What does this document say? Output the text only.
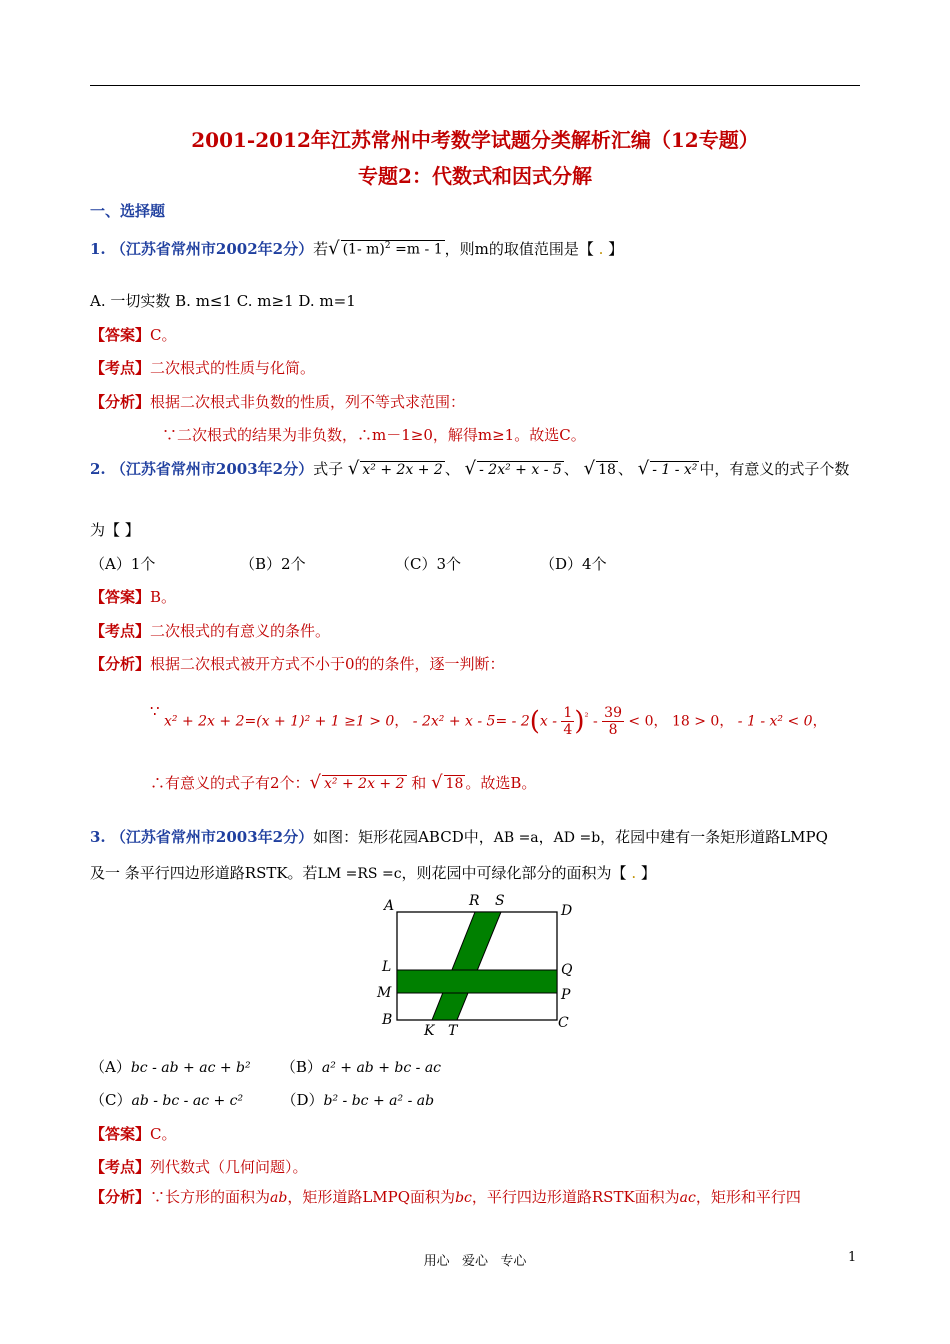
2001-2012年江苏常州中考数学试题分类解析汇编（12专题）
专题2：代数式和因式分解
一、选择题
1. （江苏省常州市2002年2分）若√ (1- m)$^2$ =m - 1 ，则m的取值范围是【 . 】
A. 一切实数 B. m≤1 C. m≥1 D. m=1
【答案】C。
【考点】二次根式的性质与化简。
【分析】根据二次根式非负数的性质，列不等式求范围：
∵二次根式的结果为非负数，∴m－1≥0，解得m≥1。故选C。
2. （江苏省常州市2003年2分）式子 √ x² + 2x + 2 、 √ - 2x² + x - 5 、 √ 18 、 √ - 1 - x² 中，有意义的式子个数
为【 】
（A）1个	（B）2个	（C）3个	（D）4个
【答案】B。
【考点】二次根式的有意义的条件。
【分析】根据二次根式被开方式不小于0的的条件，逐一判断：
∵ x² + 2x + 2=(x + 1)² + 1 ≥1 > 0， - $2x^2 + x - 5= - 2(x - \frac{1}{4} )^{^2} - \frac{39}{8} < 0$， 18 > 0， - 1 - x² < 0，
∴有意义的式子有2个：√ x² + 2x + 2 和 √ 18 。故选B。
3. （江苏省常州市2003年2分）如图：矩形花园ABCD中，AB =a，AD =b，花园中建有一条矩形道路LMPQ
及一 条平行四边形道路RSTK。若LM =RS =c，则花园中可绿化部分的面积为【 . 】
A	D
R S
L	Q
M	P
B	C
K T
（A）bc - ab + ac + b² （B）a² + ab + bc - ac
（C）ab - bc - ac + c²	（D）b² - bc + a² - ab
【答案】C。
【考点】列代数式（几何问题）。
【分析】∵长方形的面积为ab，矩形道路LMPQ面积为bc，平行四边形道路RSTK面积为ac，矩形和平行四
用心   爱心   专心	1
